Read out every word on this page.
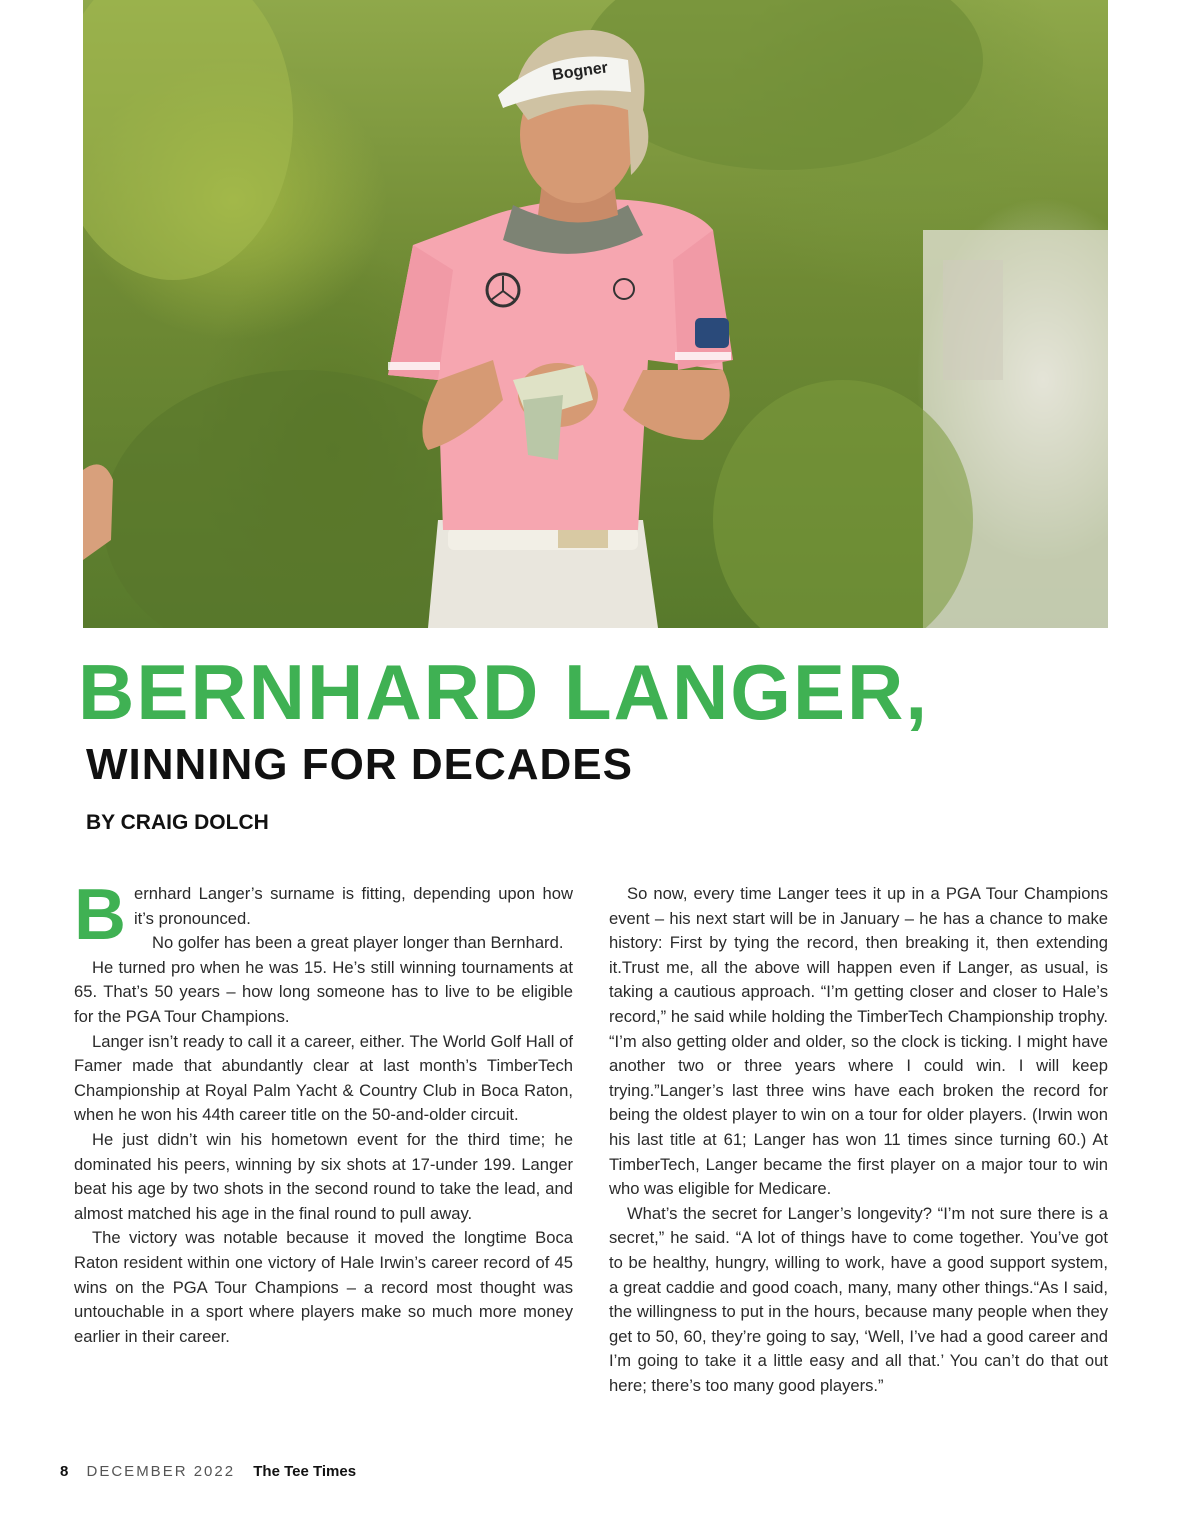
Bogner
BERNHARD LANGER,
WINNING FOR DECADES
BY CRAIG DOLCH

Bernhard Langer’s surname is fitting, depending upon how it’s pronounced.

No golfer has been a great player longer than Bernhard.

He turned pro when he was 15. He’s still winning tournaments at 65. That’s 50 years – how long someone has to live to be eligible for the PGA Tour Champions.

Langer isn’t ready to call it a career, either. The World Golf Hall of Famer made that abundantly clear at last month’s TimberTech Championship at Royal Palm Yacht & Country Club in Boca Raton, when he won his 44th career title on the 50-and-older circuit.

He just didn’t win his hometown event for the third time; he dominated his peers, winning by six shots at 17-under 199. Langer beat his age by two shots in the second round to take the lead, and almost matched his age in the final round to pull away.

The victory was notable because it moved the longtime Boca Raton resident within one victory of Hale Irwin’s career record of 45 wins on the PGA Tour Champions – a record most thought was untouchable in a sport where players make so much more money earlier in their career.

So now, every time Langer tees it up in a PGA Tour Champions event – his next start will be in January – he has a chance to make history: First by tying the record, then breaking it, then extending it.Trust me, all the above will happen even if Langer, as usual, is taking a cautious approach. “I’m getting closer and closer to Hale’s record,” he said while holding the TimberTech Championship trophy. “I’m also getting older and older, so the clock is ticking. I might have another two or three years where I could win. I will keep trying.”Langer’s last three wins have each broken the record for being the oldest player to win on a tour for older players. (Irwin won his last title at 61; Langer has won 11 times since turning 60.) At TimberTech, Langer became the first player on a major tour to win who was eligible for Medicare.

What’s the secret for Langer’s longevity? “I’m not sure there is a secret,” he said. “A lot of things have to come together. You’ve got to be healthy, hungry, willing to work, have a good support system, a great caddie and good coach, many, many other things.“As I said, the willingness to put in the hours, because many people when they get to 50, 60, they’re going to say, ‘Well, I’ve had a good career and I’m going to take it a little easy and all that.’ You can’t do that out here; there’s too many good players.”

8 DECEMBER 2022 The Tee Times
